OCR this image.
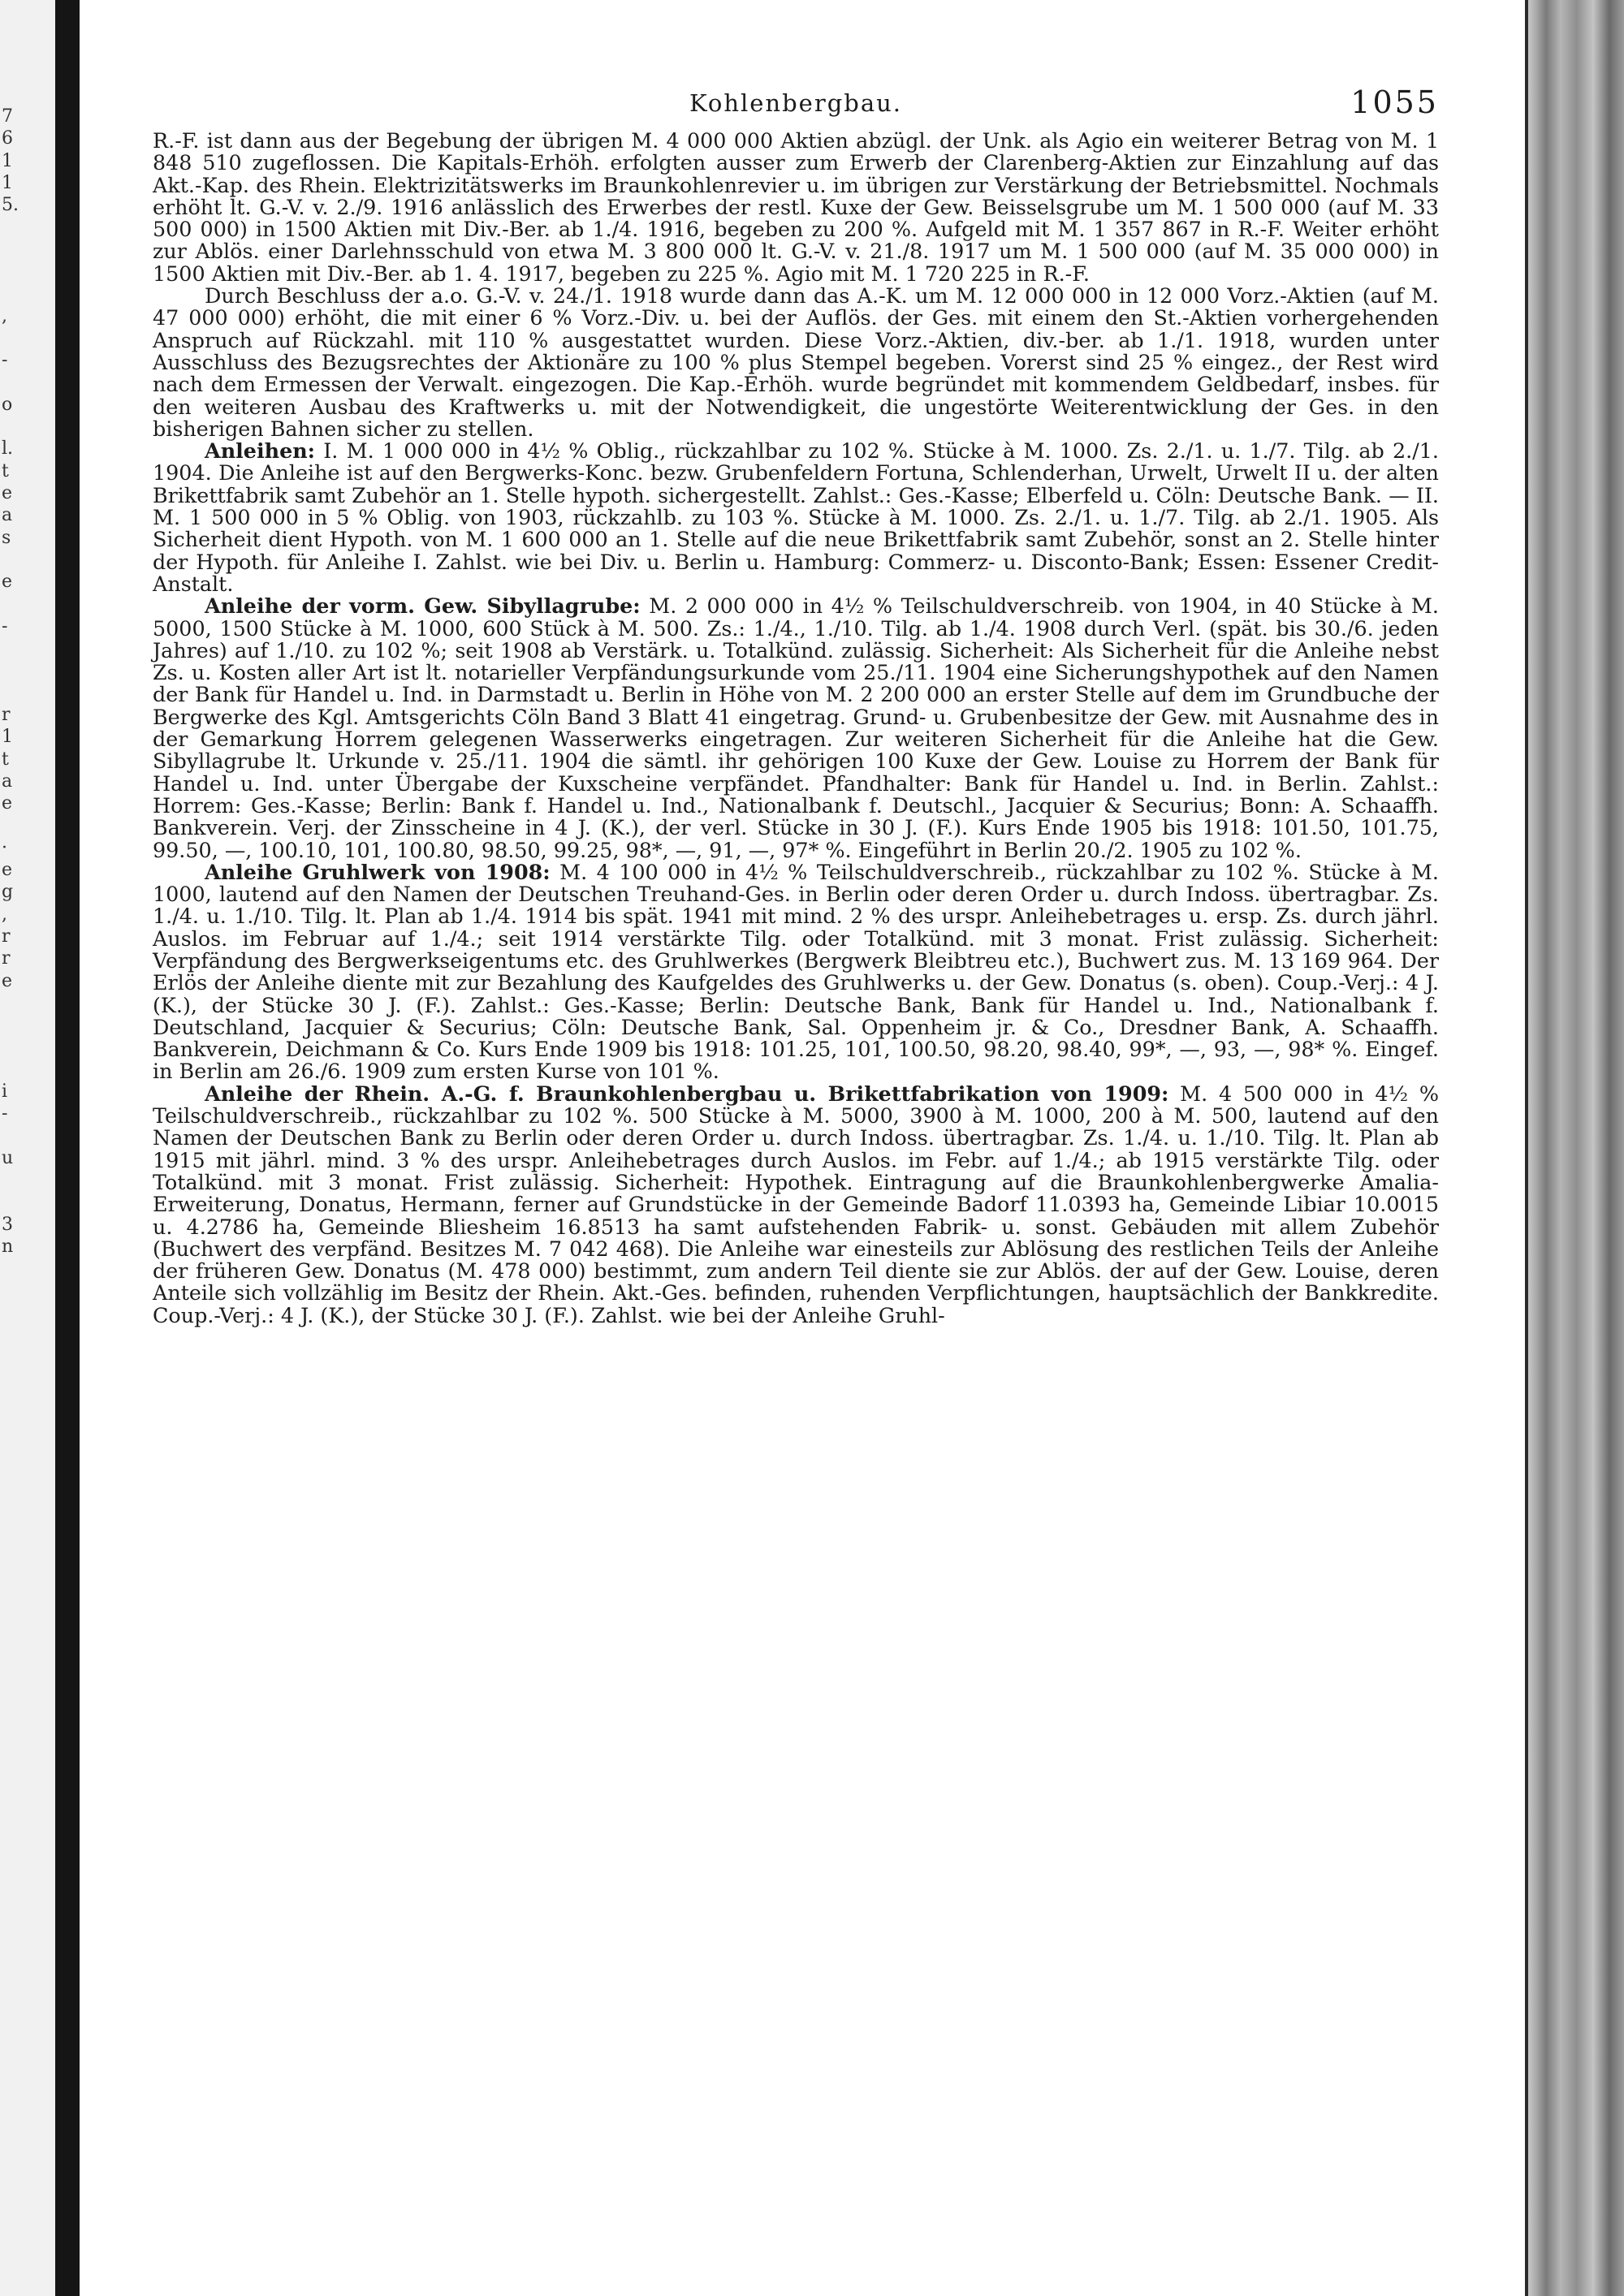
7
6
1
1
5.

,

-

o

l.
t
e
a
s

e

-

r
1
t
a
e

·
e
g
,
r
r
e

i
-

u

3
n

Kohlenbergbau.	1055

R.-F. ist dann aus der Begebung der übrigen M. 4 000 000 Aktien abzügl. der Unk. als Agio ein weiterer Betrag von M. 1 848 510 zugeflossen. Die Kapitals-Erhöh. erfolgten ausser zum Erwerb der Clarenberg-Aktien zur Einzahlung auf das Akt.-Kap. des Rhein. Elektrizitätswerks im Braunkohlenrevier u. im übrigen zur Verstärkung der Betriebsmittel. Nochmals erhöht lt. G.-V. v. 2./9. 1916 anlässlich des Erwerbes der restl. Kuxe der Gew. Beisselsgrube um M. 1 500 000 (auf M. 33 500 000) in 1500 Aktien mit Div.-Ber. ab 1./4. 1916, begeben zu 200 %. Aufgeld mit M. 1 357 867 in R.-F. Weiter erhöht zur Ablös. einer Darlehnsschuld von etwa M. 3 800 000 lt. G.-V. v. 21./8. 1917 um M. 1 500 000 (auf M. 35 000 000) in 1500 Aktien mit Div.-Ber. ab 1. 4. 1917, begeben zu 225 %. Agio mit M. 1 720 225 in R.-F.

Durch Beschluss der a.o. G.-V. v. 24./1. 1918 wurde dann das A.-K. um M. 12 000 000 in 12 000 Vorz.-Aktien (auf M. 47 000 000) erhöht, die mit einer 6 % Vorz.-Div. u. bei der Auflös. der Ges. mit einem den St.-Aktien vorhergehenden Anspruch auf Rückzahl. mit 110 % ausgestattet wurden. Diese Vorz.-Aktien, div.-ber. ab 1./1. 1918, wurden unter Ausschluss des Bezugsrechtes der Aktionäre zu 100 % plus Stempel begeben. Vorerst sind 25 % eingez., der Rest wird nach dem Ermessen der Verwalt. eingezogen. Die Kap.-Erhöh. wurde begründet mit kommendem Geldbedarf, insbes. für den weiteren Ausbau des Kraftwerks u. mit der Notwendigkeit, die ungestörte Weiterentwicklung der Ges. in den bisherigen Bahnen sicher zu stellen.

Anleihen: I. M. 1 000 000 in 4½ % Oblig., rückzahlbar zu 102 %. Stücke à M. 1000. Zs. 2./1. u. 1./7. Tilg. ab 2./1. 1904. Die Anleihe ist auf den Bergwerks-Konc. bezw. Grubenfeldern Fortuna, Schlenderhan, Urwelt, Urwelt II u. der alten Brikettfabrik samt Zubehör an 1. Stelle hypoth. sichergestellt. Zahlst.: Ges.-Kasse; Elberfeld u. Cöln: Deutsche Bank. — II. M. 1 500 000 in 5 % Oblig. von 1903, rückzahlb. zu 103 %. Stücke à M. 1000. Zs. 2./1. u. 1./7. Tilg. ab 2./1. 1905. Als Sicherheit dient Hypoth. von M. 1 600 000 an 1. Stelle auf die neue Brikettfabrik samt Zubehör, sonst an 2. Stelle hinter der Hypoth. für Anleihe I. Zahlst. wie bei Div. u. Berlin u. Hamburg: Commerz- u. Disconto-Bank; Essen: Essener Credit-Anstalt.

Anleihe der vorm. Gew. Sibyllagrube: M. 2 000 000 in 4½ % Teilschuldverschreib. von 1904, in 40 Stücke à M. 5000, 1500 Stücke à M. 1000, 600 Stück à M. 500. Zs.: 1./4., 1./10. Tilg. ab 1./4. 1908 durch Verl. (spät. bis 30./6. jeden Jahres) auf 1./10. zu 102 %; seit 1908 ab Verstärk. u. Totalkünd. zulässig. Sicherheit: Als Sicherheit für die Anleihe nebst Zs. u. Kosten aller Art ist lt. notarieller Verpfändungsurkunde vom 25./11. 1904 eine Sicherungshypothek auf den Namen der Bank für Handel u. Ind. in Darmstadt u. Berlin in Höhe von M. 2 200 000 an erster Stelle auf dem im Grundbuche der Bergwerke des Kgl. Amtsgerichts Cöln Band 3 Blatt 41 eingetrag. Grund- u. Grubenbesitze der Gew. mit Ausnahme des in der Gemarkung Horrem gelegenen Wasserwerks eingetragen. Zur weiteren Sicherheit für die Anleihe hat die Gew. Sibyllagrube lt. Urkunde v. 25./11. 1904 die sämtl. ihr gehörigen 100 Kuxe der Gew. Louise zu Horrem der Bank für Handel u. Ind. unter Übergabe der Kuxscheine verpfändet. Pfandhalter: Bank für Handel u. Ind. in Berlin. Zahlst.: Horrem: Ges.-Kasse; Berlin: Bank f. Handel u. Ind., Nationalbank f. Deutschl., Jacquier & Securius; Bonn: A. Schaaffh. Bankverein. Verj. der Zinsscheine in 4 J. (K.), der verl. Stücke in 30 J. (F.). Kurs Ende 1905 bis 1918: 101.50, 101.75, 99.50, —, 100.10, 101, 100.80, 98.50, 99.25, 98*, —, 91, —, 97* %. Eingeführt in Berlin 20./2. 1905 zu 102 %.

Anleihe Gruhlwerk von 1908: M. 4 100 000 in 4½ % Teilschuldverschreib., rückzahlbar zu 102 %. Stücke à M. 1000, lautend auf den Namen der Deutschen Treuhand-Ges. in Berlin oder deren Order u. durch Indoss. übertragbar. Zs. 1./4. u. 1./10. Tilg. lt. Plan ab 1./4. 1914 bis spät. 1941 mit mind. 2 % des urspr. Anleihebetrages u. ersp. Zs. durch jährl. Auslos. im Februar auf 1./4.; seit 1914 verstärkte Tilg. oder Totalkünd. mit 3 monat. Frist zulässig. Sicherheit: Verpfändung des Bergwerkseigentums etc. des Gruhlwerkes (Bergwerk Bleibtreu etc.), Buchwert zus. M. 13 169 964. Der Erlös der Anleihe diente mit zur Bezahlung des Kaufgeldes des Gruhlwerks u. der Gew. Donatus (s. oben). Coup.-Verj.: 4 J. (K.), der Stücke 30 J. (F.). Zahlst.: Ges.-Kasse; Berlin: Deutsche Bank, Bank für Handel u. Ind., Nationalbank f. Deutschland, Jacquier & Securius; Cöln: Deutsche Bank, Sal. Oppenheim jr. & Co., Dresdner Bank, A. Schaaffh. Bankverein, Deichmann & Co. Kurs Ende 1909 bis 1918: 101.25, 101, 100.50, 98.20, 98.40, 99*, —, 93, —, 98* %. Eingef. in Berlin am 26./6. 1909 zum ersten Kurse von 101 %.

Anleihe der Rhein. A.-G. f. Braunkohlenbergbau u. Brikettfabrikation von 1909: M. 4 500 000 in 4½ % Teilschuldverschreib., rückzahlbar zu 102 %. 500 Stücke à M. 5000, 3900 à M. 1000, 200 à M. 500, lautend auf den Namen der Deutschen Bank zu Berlin oder deren Order u. durch Indoss. übertragbar. Zs. 1./4. u. 1./10. Tilg. lt. Plan ab 1915 mit jährl. mind. 3 % des urspr. Anleihebetrages durch Auslos. im Febr. auf 1./4.; ab 1915 verstärkte Tilg. oder Totalkünd. mit 3 monat. Frist zulässig. Sicherheit: Hypothek. Eintragung auf die Braunkohlenbergwerke Amalia-Erweiterung, Donatus, Hermann, ferner auf Grundstücke in der Gemeinde Badorf 11.0393 ha, Gemeinde Libiar 10.0015 u. 4.2786 ha, Gemeinde Bliesheim 16.8513 ha samt aufstehenden Fabrik- u. sonst. Gebäuden mit allem Zubehör (Buchwert des verpfänd. Besitzes M. 7 042 468). Die Anleihe war einesteils zur Ablösung des restlichen Teils der Anleihe der früheren Gew. Donatus (M. 478 000) bestimmt, zum andern Teil diente sie zur Ablös. der auf der Gew. Louise, deren Anteile sich vollzählig im Besitz der Rhein. Akt.-Ges. befinden, ruhenden Verpflichtungen, hauptsächlich der Bankkredite. Coup.-Verj.: 4 J. (K.), der Stücke 30 J. (F.). Zahlst. wie bei der Anleihe Gruhl-
